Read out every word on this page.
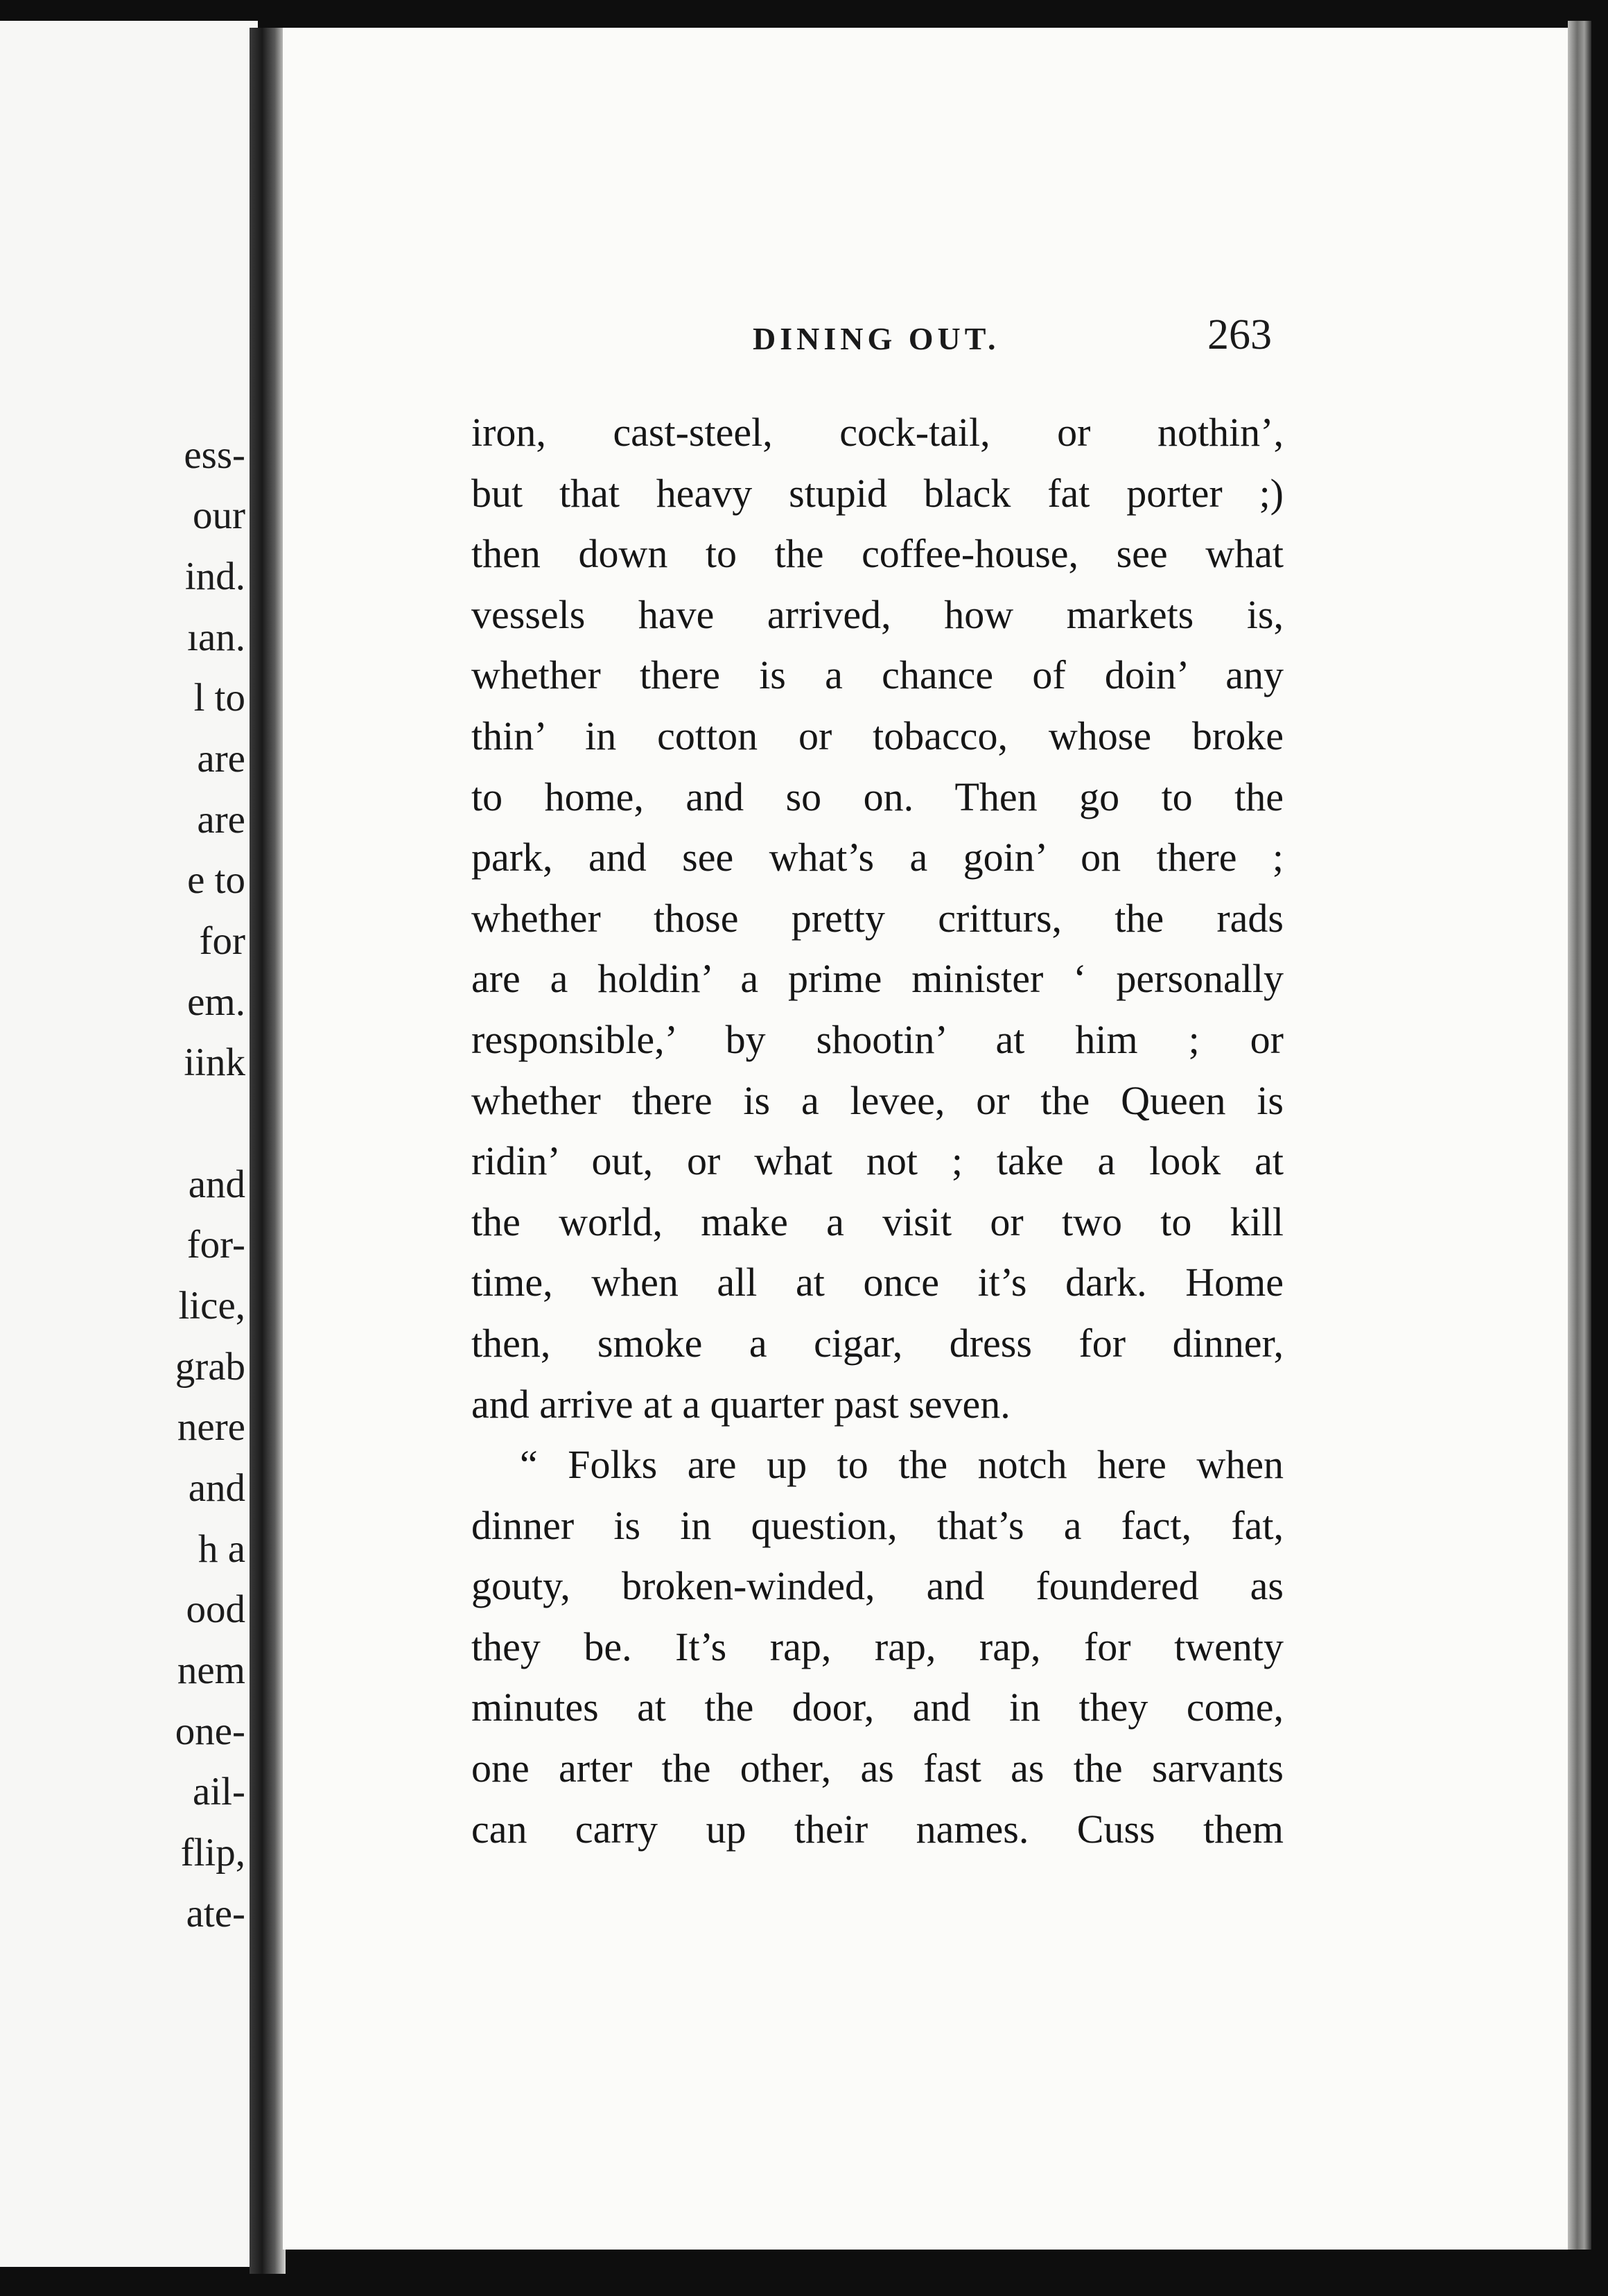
ess-
our
ind.
ıan.
l to
are
are
e to
for
em.
iink
and
for-
lice,
grab
nere
and
h a
ood
nem
one-
ail-
flip,
ate-
DINING OUT.	263
iron, cast-steel, cock-tail, or nothin’,
but that heavy stupid black fat porter ;)
then down to the coffee-house, see what
vessels have arrived, how markets is,
whether there is a chance of doin’ any
thin’ in cotton or tobacco, whose broke
to home, and so on. Then go to the
park, and see what’s a goin’ on there ;
whether those pretty critturs, the rads
are a holdin’ a prime minister ‘ personally
responsible,’ by shootin’ at him ; or
whether there is a levee, or the Queen is
ridin’ out, or what not ; take a look at
the world, make a visit or two to kill
time, when all at once it’s dark. Home
then, smoke a cigar, dress for dinner,
and arrive at a quarter past seven.
“ Folks are up to the notch here when
dinner is in question, that’s a fact, fat,
gouty, broken-winded, and foundered as
they be. It’s rap, rap, rap, for twenty
minutes at the door, and in they come,
one arter the other, as fast as the sarvants
can carry up their names. Cuss them
